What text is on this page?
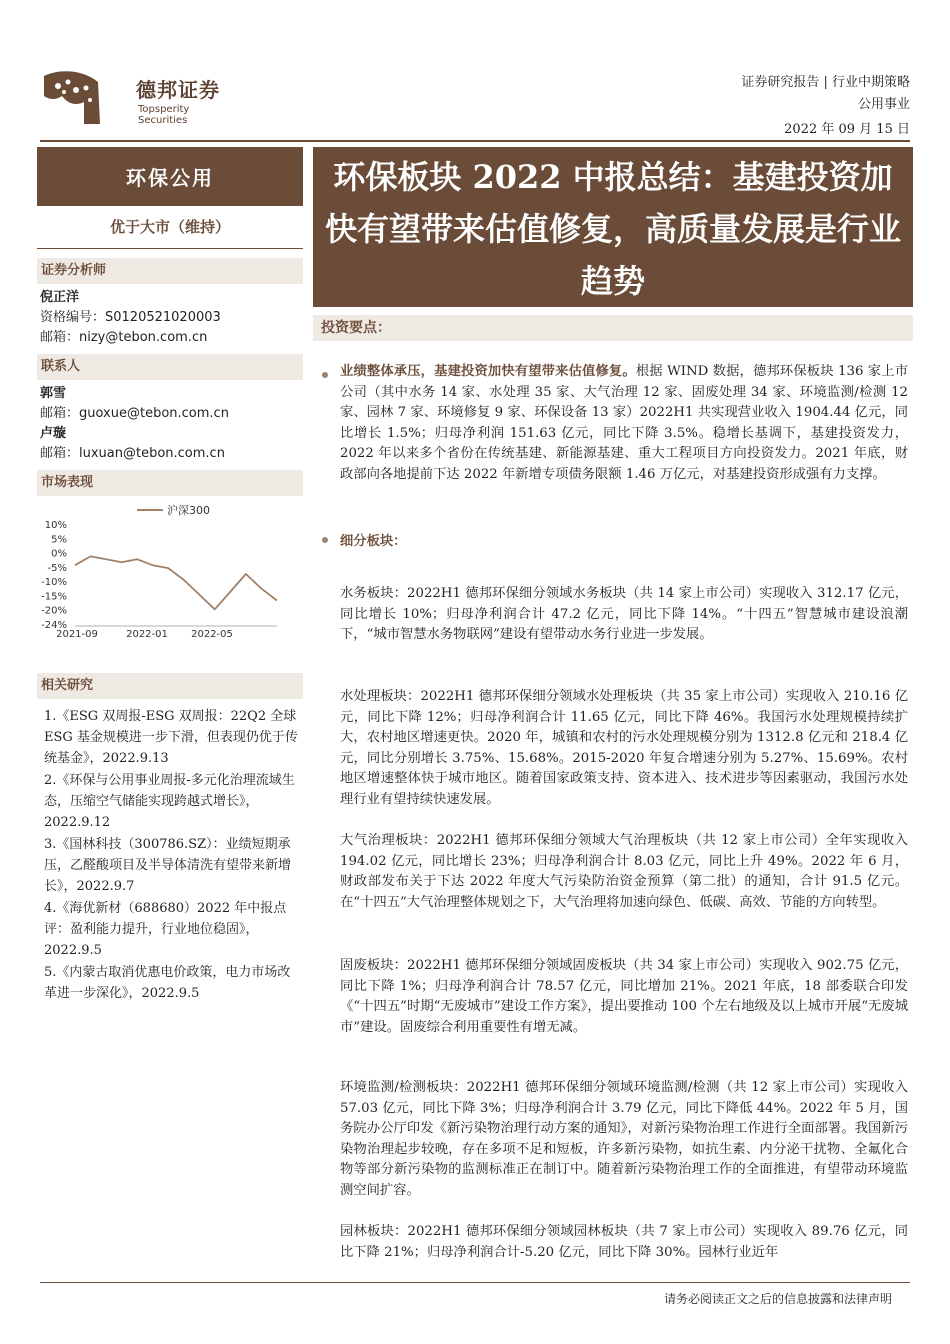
德邦证券
Topsperity Securities
证券研究报告 | 行业中期策略
公用事业
2022 年 09 月 15 日
环保公用
优于大市（维持）
证券分析师
倪正洋
资格编号：S0120521020003
邮箱：nizy@tebon.com.cn
联系人
郭雪
邮箱：guoxue@tebon.com.cn
卢璇
邮箱：luxuan@tebon.com.cn
市场表现
沪深300
10%
5%
0%
-5%
-10%
-15%
-20%
-24%
2021-09	2022-01 2022-05
相关研究
1.《ESG 双周报-ESG 双周报：22Q2 全球 ESG 基金规模进一步下滑，但表现仍优于传统基金》，2022.9.13
2.《环保与公用事业周报-多元化治理流域生态，压缩空气储能实现跨越式增长》，2022.9.12
3.《国林科技（300786.SZ）：业绩短期承压，乙醛酸项目及半导体清洗有望带来新增长》，2022.9.7
4.《海优新材（688680）2022 年中报点评：盈利能力提升，行业地位稳固》，2022.9.5
5.《内蒙古取消优惠电价政策，电力市场改革进一步深化》，2022.9.5
环保板块 2022 中报总结：基建投资加快有望带来估值修复，高质量发展是行业趋势
投资要点：
业绩整体承压，基建投资加快有望带来估值修复。根据 WIND 数据，德邦环保板块 136 家上市公司（其中水务 14 家、水处理 35 家、大气治理 12 家、固废处理 34 家、环境监测/检测 12 家、园林 7 家、环境修复 9 家、环保设备 13 家）2022H1 共实现营业收入 1904.44 亿元，同比增长 1.5%；归母净利润 151.63 亿元，同比下降 3.5%。稳增长基调下，基建投资发力，2022 年以来多个省份在传统基建、新能源基建、重大工程项目方向投资发力。2021 年底，财政部向各地提前下达 2022 年新增专项债务限额 1.46 万亿元，对基建投资形成强有力支撑。
细分板块：
水务板块：2022H1 德邦环保细分领域水务板块（共 14 家上市公司）实现收入 312.17 亿元，同比增长 10%；归母净利润合计 47.2 亿元，同比下降 14%。“十四五”智慧城市建设浪潮下，“城市智慧水务物联网”建设有望带动水务行业进一步发展。
水处理板块：2022H1 德邦环保细分领域水处理板块（共 35 家上市公司）实现收入 210.16 亿元，同比下降 12%；归母净利润合计 11.65 亿元，同比下降 46%。我国污水处理规模持续扩大，农村地区增速更快。2020 年，城镇和农村的污水处理规模分别为 1312.8 亿元和 218.4 亿元，同比分别增长 3.75%、15.68%。2015-2020 年复合增速分别为 5.27%、15.69%。农村地区增速整体快于城市地区。随着国家政策支持、资本进入、技术进步等因素驱动，我国污水处理行业有望持续快速发展。
大气治理板块：2022H1 德邦环保细分领域大气治理板块（共 12 家上市公司）全年实现收入 194.02 亿元，同比增长 23%；归母净利润合计 8.03 亿元，同比上升 49%。2022 年 6 月，财政部发布关于下达 2022 年度大气污染防治资金预算（第二批）的通知，合计 91.5 亿元。在“十四五”大气治理整体规划之下，大气治理将加速向绿色、低碳、高效、节能的方向转型。
固废板块：2022H1 德邦环保细分领域固废板块（共 34 家上市公司）实现收入 902.75 亿元，同比下降 1%；归母净利润合计 78.57 亿元，同比增加 21%。2021 年底，18 部委联合印发《“十四五”时期“无废城市”建设工作方案》，提出要推动 100 个左右地级及以上城市开展“无废城市”建设。固废综合利用重要性有增无减。
环境监测/检测板块：2022H1 德邦环保细分领域环境监测/检测（共 12 家上市公司）实现收入 57.03 亿元，同比下降 3%；归母净利润合计 3.79 亿元，同比下降低 44%。2022 年 5 月，国务院办公厅印发《新污染物治理行动方案的通知》，对新污染物治理工作进行全面部署。我国新污染物治理起步较晚，存在多项不足和短板，许多新污染物，如抗生素、内分泌干扰物、全氟化合物等部分新污染物的监测标准正在制订中。随着新污染物治理工作的全面推进，有望带动环境监测空间扩容。
园林板块：2022H1 德邦环保细分领域园林板块（共 7 家上市公司）实现收入 89.76 亿元，同比下降 21%；归母净利润合计-5.20 亿元，同比下降 30%。园林行业近年
请务必阅读正文之后的信息披露和法律声明
